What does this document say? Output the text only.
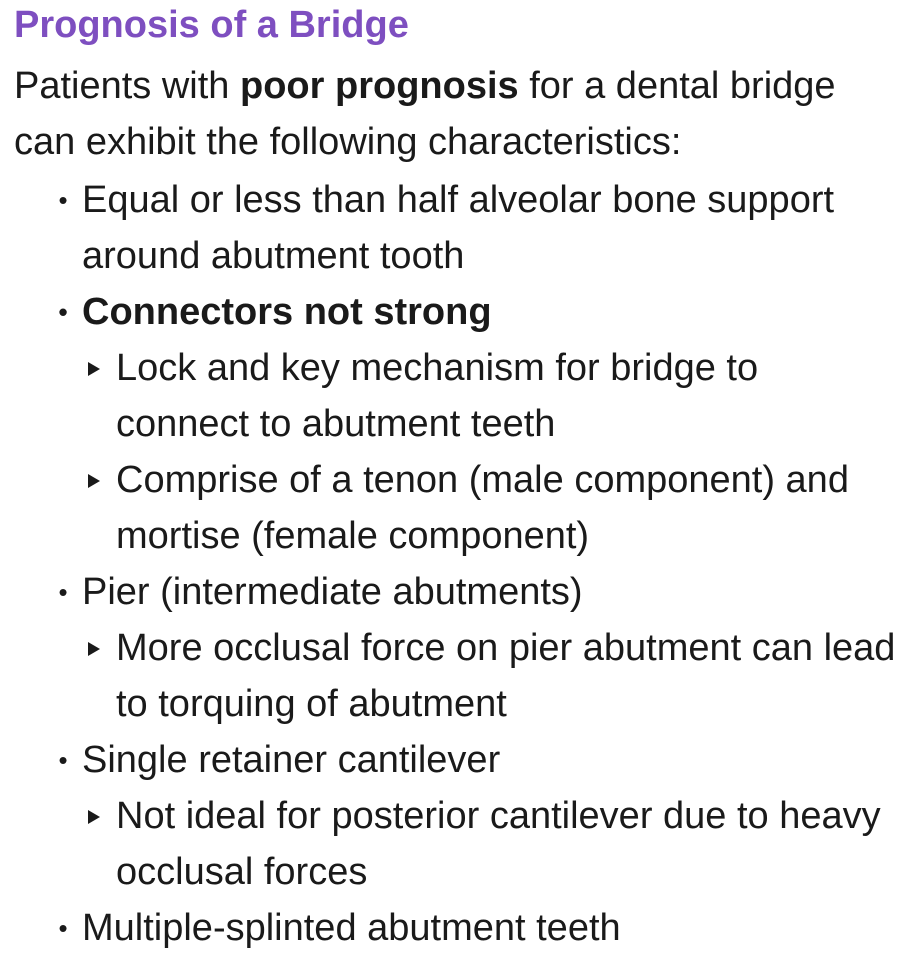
Prognosis of a Bridge
Patients with poor prognosis for a dental bridge can exhibit the following characteristics:
• Equal or less than half alveolar bone support around abutment tooth
• Connectors not strong
Lock and key mechanism for bridge to connect to abutment teeth
Comprise of a tenon (male component) and mortise (female component)
• Pier (intermediate abutments)
More occlusal force on pier abutment can lead to torquing of abutment
• Single retainer cantilever
Not ideal for posterior cantilever due to heavy occlusal forces
• Multiple-splinted abutment teeth
